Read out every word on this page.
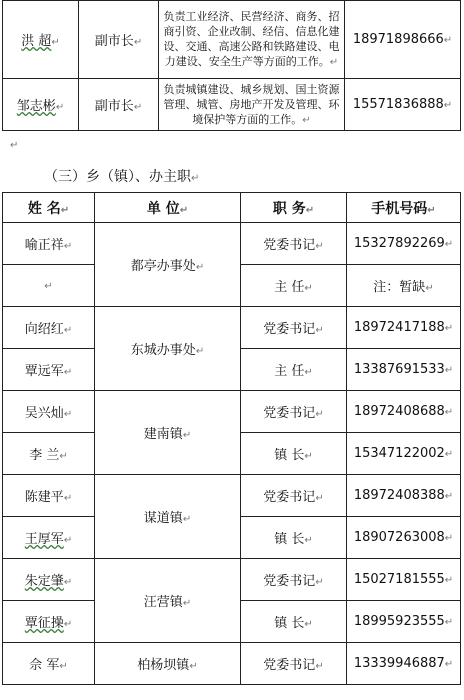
洪 超↵	副市长↵	负责工业经济、民营经济、商务、招商引资、企业改制、经信、信息化建设、交通、高速公路和铁路建设、电力建设、安全生产等方面的工作。↵	18971898666↵
邹志彬↵	副市长↵	负责城镇建设、城乡规划、国土资源管理、城管、房地产开发及管理、环境保护等方面的工作。↵	15571836888↵
↵
（三）乡（镇）、办主职↵
姓 名↵	单 位↵	职 务↵	手机号码↵
喻正祥↵	都亭办事处↵	党委书记↵	15327892269↵
↵		主 任↵	注：暂缺↵
向绍红↵	东城办事处↵	党委书记↵	18972417188↵
覃远军↵		主 任↵	13387691533↵
吴兴灿↵	建南镇↵	党委书记↵	18972408688↵
李 兰↵		镇 长↵	15347122002↵
陈建平↵	谋道镇↵	党委书记↵	18972408388↵
王厚军↵		镇 长↵	18907263008↵
朱定肇↵	汪营镇↵	党委书记↵	15027181555↵
覃征操↵		镇 长↵	18995923555↵
佘 军↵	柏杨坝镇↵	党委书记↵	13339946887↵
